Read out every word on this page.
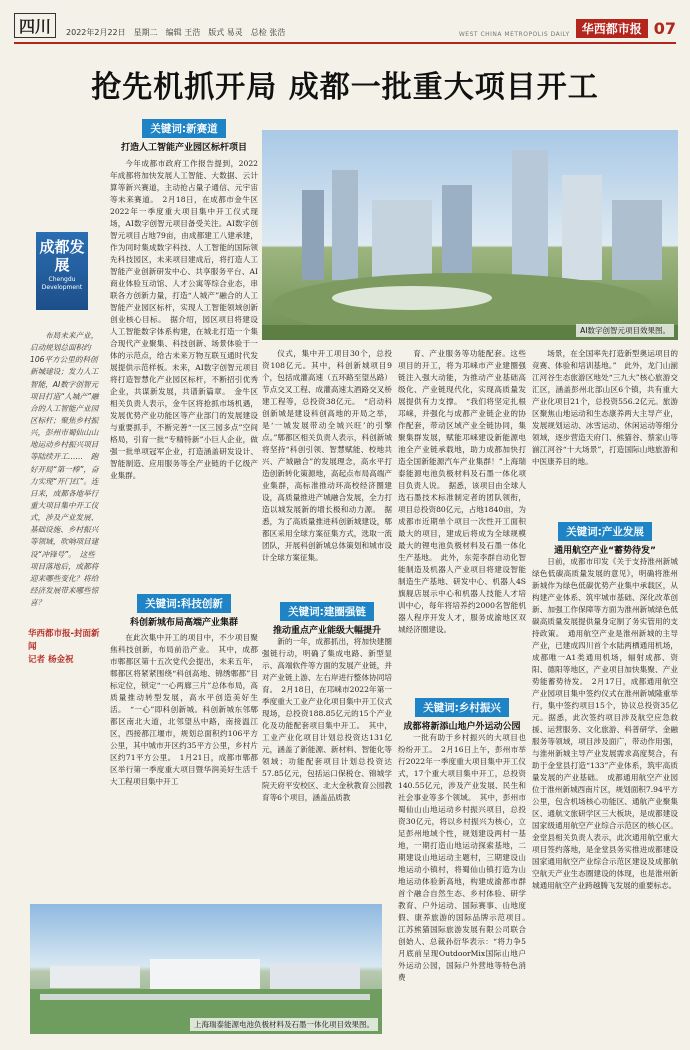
四川	2022年2月22日 星期二 编辑 王浩 版式 易灵 总检 张浩	WEST CHINA METROPOLIS DAILY	华西都市报 07
抢先机抓开局 成都一批重大项目开工
关键词:新赛道
打造人工智能产业园区标杆项目
AI数字创智元项目效果图。

今年成都市政府工作报告提到，2022年成都将加快发展人工智能、大数据、云计算等新兴赛道，主动抢占量子通信、元宇宙等未来赛道。　2月18日，在成都市金牛区2022年一季度重大项目集中开工仪式现场，AI数字创智元项目备受关注。AI数字创智元项目占地79亩，由成都建工八建承建，作为同时集成数字科技、人工智能的国际领先科技园区，未来项目建成后，将打造人工智能产业创新研发中心、共享服务平台、AI商业体验互动馆、人才公寓等综合业态，串联各方创新力量，打造“人城产”融合的人工智能产业园区标杆，实现人工智能领域创新创业核心目标。　据介绍，园区项目将建设人工智能数字体系构建，在城北打造一个集合现代产业聚集、科技创新、场景体验于一体的示范点，给古未来万物互联互通时代发展提供示范样板。未来，AI数字创智元项目将打造智慧化产业园区标杆，不断招引优秀企业，共谋新发展，共谱新篇章。　金牛区相关负责人表示，金牛区将抢抓市场机遇，发展优势产业功能区等产业部门的发展建设与重要抓手，不断完善“一区三园多点”空间格局，引育一批“专精特新”小巨人企业，做强一批单项冠军企业，打造涵盖研发设计、智能制造、应用服务等全产业链的千亿级产业集群。

成都发展
Chengdu Development
布局未来产业，启动规划总面积约106平方公里的科创新城建设；发力人工智能，AI数字创智元项目打造“人城产”融合的人工智能产业园区标杆；聚焦乡村振兴，彭州市蜀仙山山地运动乡村振兴项目等陆续开工……　跑好开局“第一棒”，奋力实现“开门红”。连日来，成都各地举行重大项目集中开工仪式，涉及产业发展、基础设施、乡村振兴等领域，吹响项目建设“冲锋号”。　这些项目落地后，成都将迎来哪些变化？将给经济发展带来哪些惊喜？
华西都市报-封面新闻
记者 杨金祝
关键词:科技创新
科创新城布局高端产业集群

在此次集中开工的项目中，不少项目聚焦科技创新，布局前沿产业。　其中，成都市郫都区第十五次党代会提出，未来五年，郫都区将紧紧围绕“科创高地、锦绣郫都”目标定位，锁定“一心两廊三片”总体布局，高质量推动转型发展，高水平创造美好生活。　“一心”即科创新城。科创新城东邻郫都区南北大道，北邻望丛中路，南接温江区，西接都江堰市，规划总面积约106平方公里，其中城市开区约35平方公里，乡村片区约71平方公里。　1月21日，成都市郫都区举行第一季度重大项目暨华润美好生活千大工程项目集中开工

仪式，集中开工项目30个，总投资108亿元。其中，科创新城项目9个，包括成灌高速（五环路至望丛路）节点交叉工程、成灌高速太酒路交叉桥建工程等，总投资38亿元。　“启动科创新城是建设科创高地的开局之举，是‘一城发展带动全城兴旺’的引擎点。”郫都区相关负责人表示，科创新城将坚持“科创引领、智慧赋能、校地共兴、产城融合”的发展理念，高水平打造创新转化策源地，高起点布局高端产业集群，高标准推动环高校经济圈建设，高质量推进产城融合发展，全力打造以城发展新的增长极和动力源。　据悉，为了高质量推进科创新城建设，郫都区采用全球方案征集方式，选取一流团队，开展科创新城总体策划和城市设计全球方案征集。

关键词:建圈强链
推动重点产业能级大幅提升

新的一年，成都抓出，将加快建圈强链行动，明确了集成电路、新型显示、高端软件等方面的发展产业链，并对产业链上游、左右岸进行整体协同培育。　2月18日，在邛崃市2022年第一季度重大工业产业化项目集中开工仪式现场，总投资188.85亿元的15个产业化及功能配套项目集中开工。　其中，工业产业化项目计划总投资达131亿元，涵盖了新能源、新材料、智能化等领域；功能配套项目计划总投资达57.85亿元，包括运口保税仓、锦城学院天府平安校区、北大金秋教育公园教育等6个项目，涵盖品质教

育、产业服务等功能配套。这些项目的开工，将为邛崃市产业建圈强链注入强大动能，为推动产业基础高级化、产业链现代化，实现高质量发展提供有力支撑。　“我们将坚定扎根邛崃，并强化与成都产业链企业的协作配套，带动区域产业全链协同，集聚集群发展，赋能邛崃建设新能源电池全产业链承载地，助力成都加快打造全国新能源汽车产业集群！”上海瑞泰能源电池负极材料及石墨一体化项目负责人说。　据悉，该项目由全球人选石墨技术标准制定者的团队领衔，项目总投资80亿元，占地1840亩，为成都市近期单个项目一次性开工面积最大的项目，建成后将成为全球规模最大的锂电池负极材料及石墨一体化生产基地。　此外，东莞李群自动化智能制造及机器人产业项目将建设智能制造生产基地、研发中心、机器人4S旗舰店展示中心和机器人技能人才培训中心，每年将培养约2000名智能机器人程序开发人才，服务成渝地区双城经济圈建设。

关键词:乡村振兴
成都将新添山地户外运动公园

一批有助于乡村振兴的大项目也纷纷开工。　2月16日上午，彭州市举行2022年一季度重大项目集中开工仪式，17个重大项目集中开工，总投资140.55亿元，涉及产业发展、民生和社会事业等多个领域。　其中，彭州市蜀仙山山地运动乡村振兴项目，总投资30亿元，将以乡村振兴为核心，立足彭州地域个性，规划建设两村一基地，一期打造山地运动探索基地，二期建设山地运动主题村，三期建设山地运动小镇村，将蜀仙山镇打造为山地运动体验新高地，构建成渝都市群首个融合自然生态、乡村体验、研学教育、户外运动、国际赛事、山地度假、康养旅游的国际品牌示范项目。　江苏熊猫国际旅游发展有限公司联合创始人、总裁孙衍华表示：“将力争5月底前呈现OutdoorMix国际山地户外运动公园，国际户外营地等特色消费

场景，在全国率先打造新型奥运项目的竞赛、体验和培训基地。”　此外，龙门山湔江河谷生态旅游区地处“三九大”核心旅游交汇区，涵盖彭州北部山区6个镇，共有重大产业化项目21个，总投资556.2亿元。旅游区聚焦山地运动和生态康养两大主导产业，发展规划运动、冰雪运动、休闲运动等细分领域，逐步营造天府门、熊猫谷、蔡家山等湔江河谷“十大场景”，打造国际山地旅游和中医康养目的地。

关键词:产业发展
通用航空产业“蓄势待发”

日前，成都市印发《关于支持淮州新城绿色低碳高质量发展的意见》，明确将淮州新城作为绿色低碳优势产业集中承载区，从构建产业体系、筑牢城市基础、深化改革创新、加强工作保障等方面为淮州新城绿色低碳高质量发展提供量身定制了务实管用的支持政策。　通用航空产业是淮州新城的主导产业，已建成四川首个水陆两栖通用机场，成都唯一A1类通用机场，辐射成都、资阳、德阳等地区，产业项目加快集聚、产业势能蓄势待发。　2月17日，成都通用航空产业园项目集中签约仪式在淮州新城隆重举行，集中签约项目15个，协议总投资35亿元。据悉，此次签约项目涉及航空应急救援、运营服务、文化旅游、科普研学、金融服务等领域，项目涉及面广，带动作用强，与淮州新城主导产业发展需求高度契合，有助于金堂县打造“133”产业体系，筑牢高质量发展的产业基础。　成都通用航空产业园位于淮州新城西南片区，规划面积7.94平方公里，包含机场核心功能区、通航产业聚集区、通航文旅研学区三大板块，是成都建设国家级通用航空产业综合示范区的核心区。金堂县相关负责人表示，此次通用航空重大项目签约落地，是金堂县务实推进成都建设国家通用航空产业综合示范区建设及成都航空航天产业生态圈建设的体现，也是淮州新城通用航空产业跨越腾飞发展的重要标志。

上海瑞泰能源电池负极材料及石墨一体化项目效果图。
